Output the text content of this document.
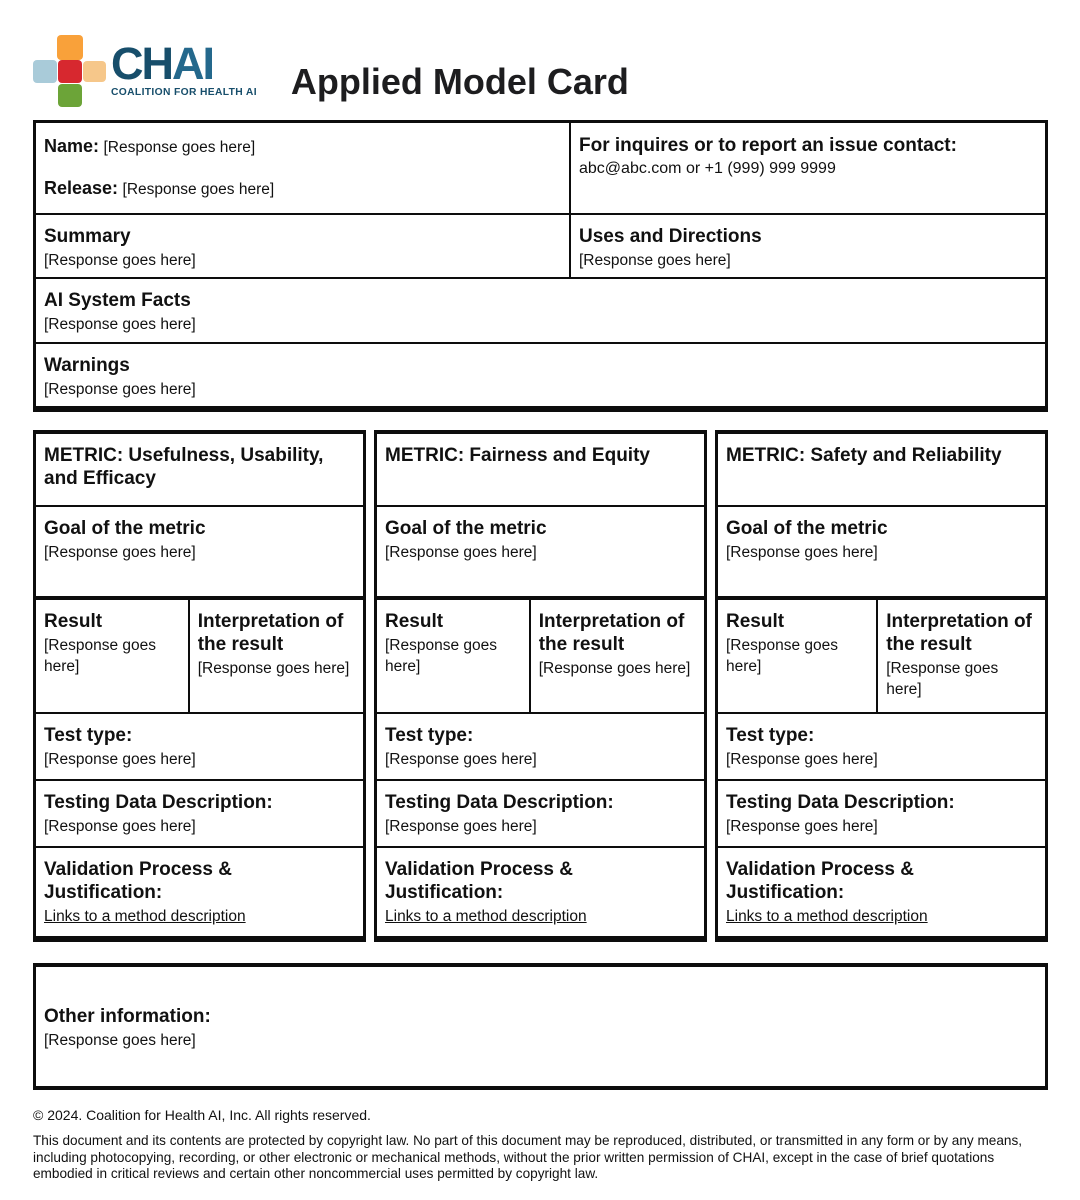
CHAI
COALITION FOR HEALTH AI Applied Model Card
Name: [Response goes here]
Release: [Response goes here]
For inquires or to report an issue contact:
abc@abc.com or +1 (999) 999 9999
Summary
[Response goes here]
Uses and Directions
[Response goes here]
AI System Facts
[Response goes here]
Warnings
[Response goes here]
METRIC: Usefulness, Usability, and Efficacy
Goal of the metric
[Response goes here]
Result
[Response goes here]
Interpretation of the result
[Response goes here]
Test type:
[Response goes here]
Testing Data Description:
[Response goes here]
Validation Process & Justification:
Links to a method description
METRIC: Fairness and Equity
Goal of the metric
[Response goes here]
Result
[Response goes here]
Interpretation of the result
[Response goes here]
Test type:
[Response goes here]
Testing Data Description:
[Response goes here]
Validation Process & Justification:
Links to a method description
METRIC: Safety and Reliability
Goal of the metric
[Response goes here]
Result
[Response goes here]
Interpretation of the result
[Response goes here]
Test type:
[Response goes here]
Testing Data Description:
[Response goes here]
Validation Process & Justification:
Links to a method description
Other information:
[Response goes here]
© 2024. Coalition for Health AI, Inc. All rights reserved.
This document and its contents are protected by copyright law. No part of this document may be reproduced, distributed, or transmitted in any form or by any means, including photocopying, recording, or other electronic or mechanical methods, without the prior written permission of CHAI, except in the case of brief quotations embodied in critical reviews and certain other noncommercial uses permitted by copyright law.
